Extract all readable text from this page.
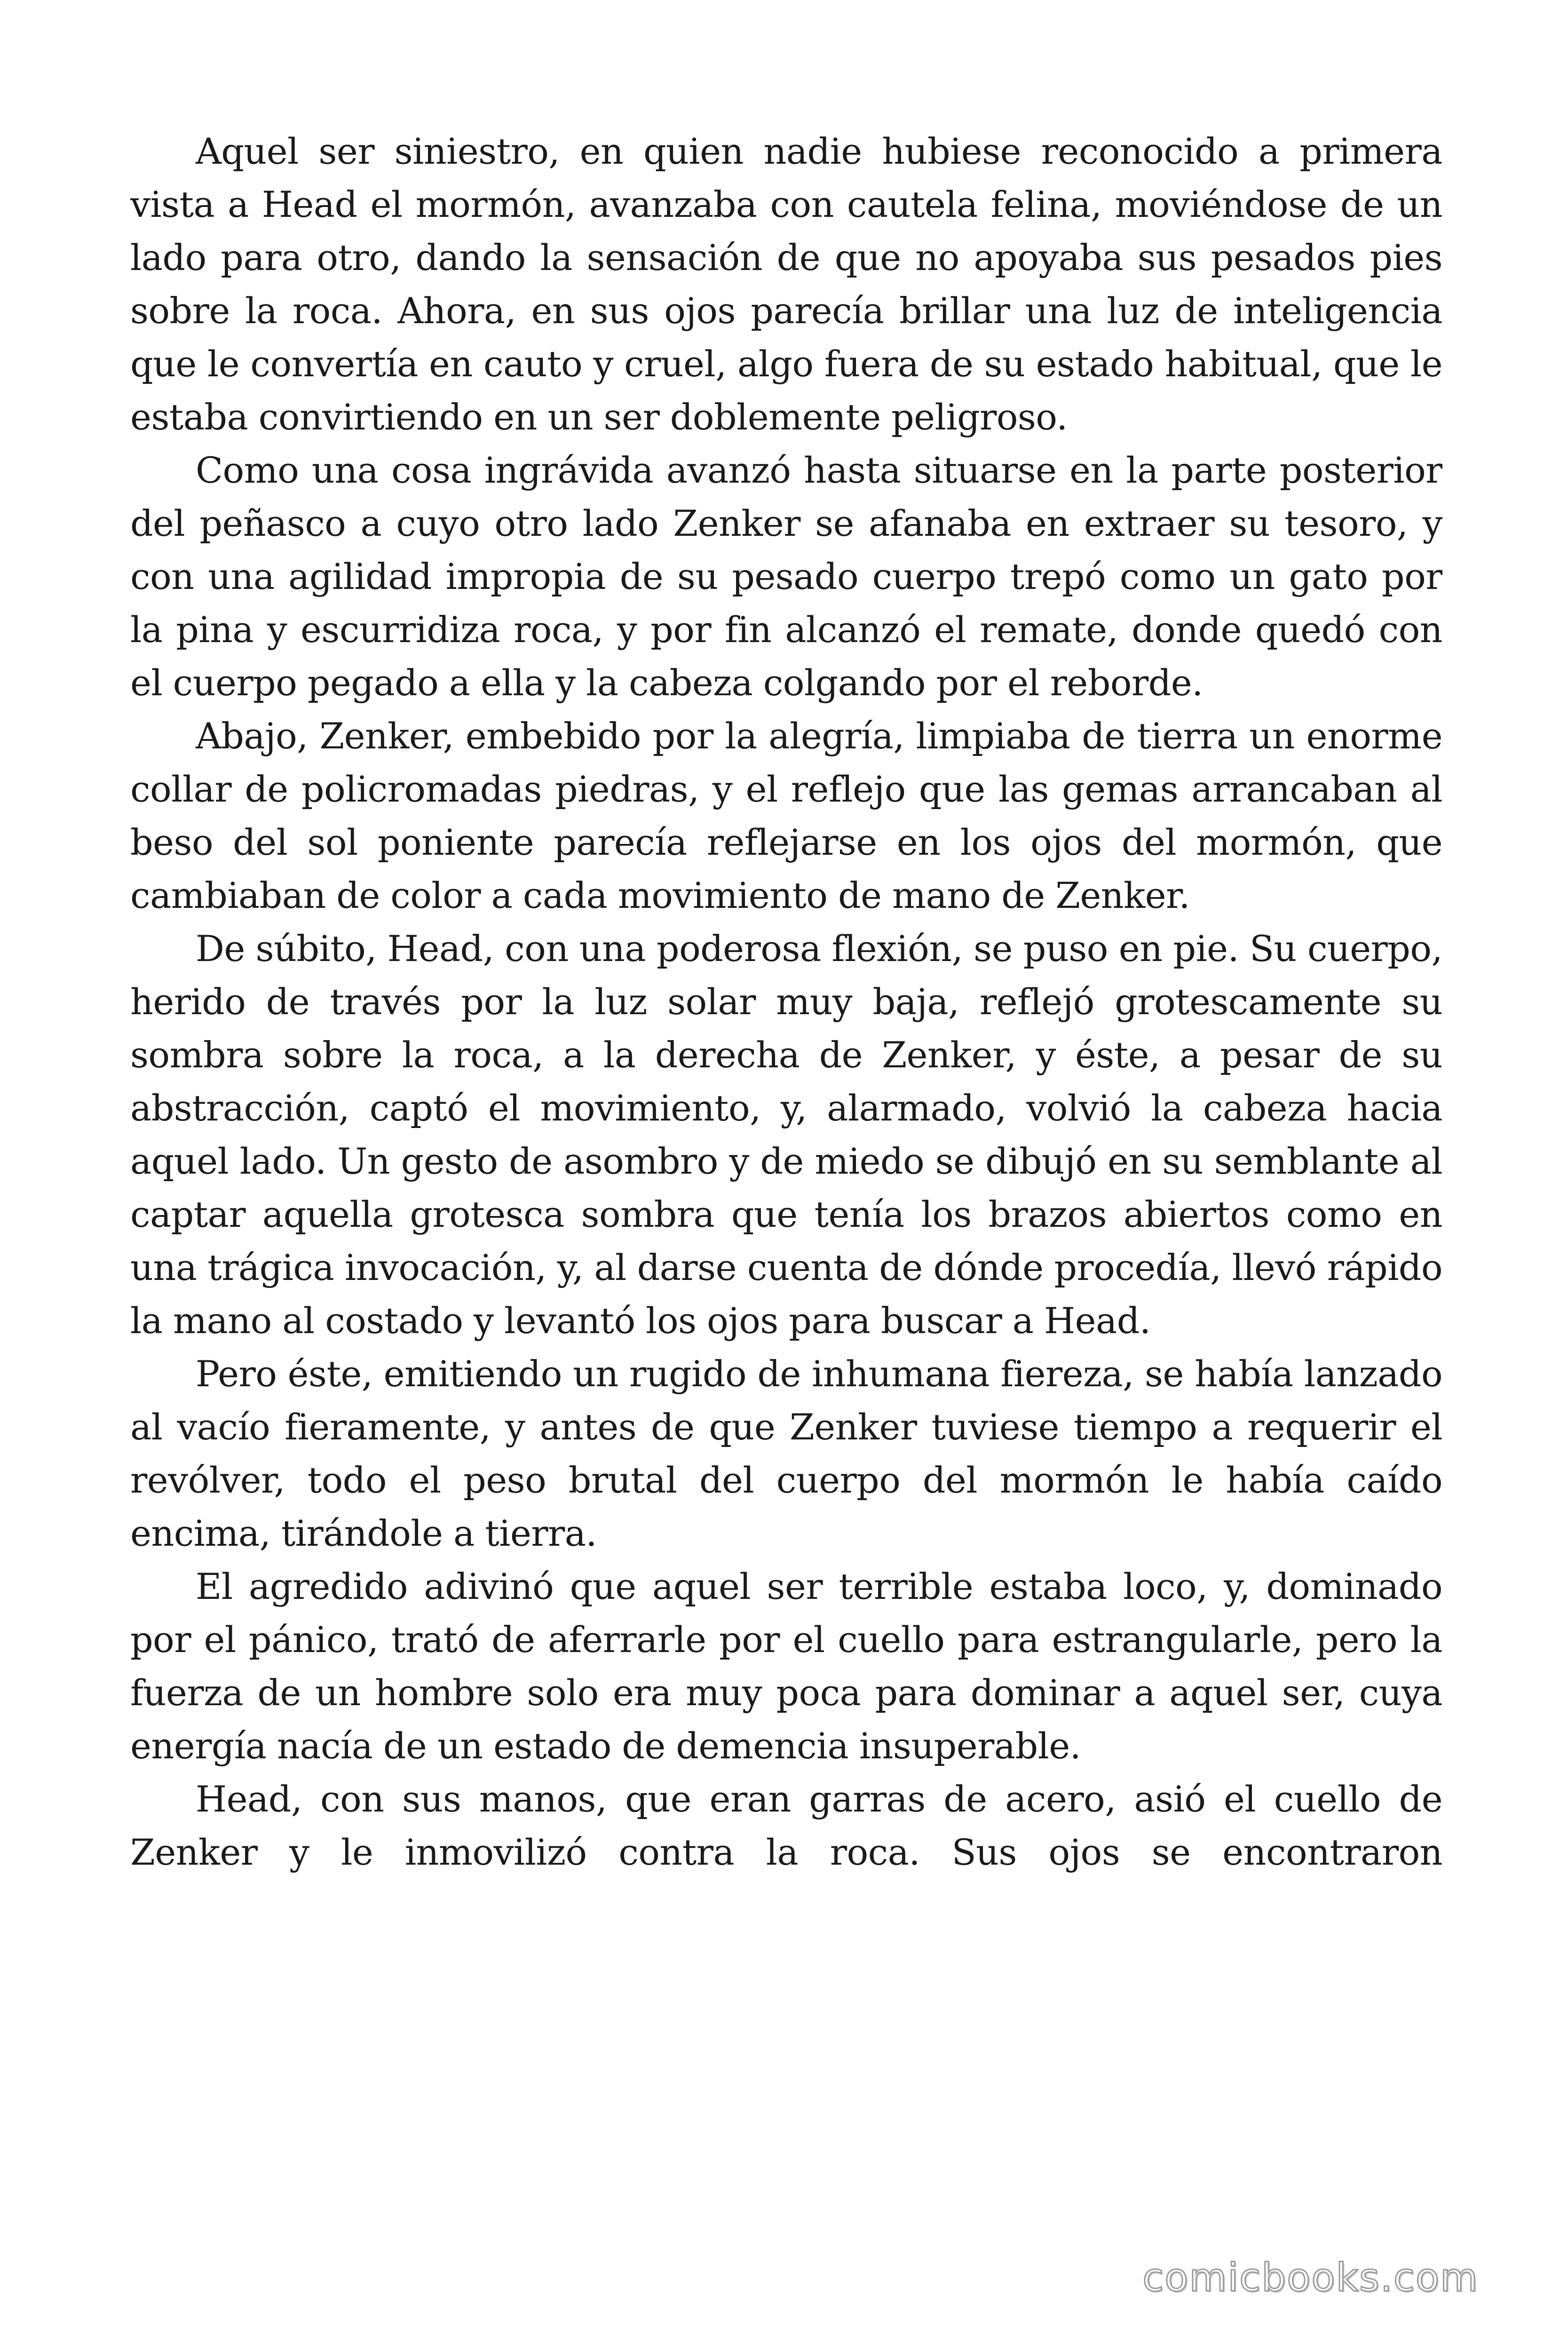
Aquel ser siniestro, en quien nadie hubiese reconocido a primera vista a Head el mormón, avanzaba con cautela felina, moviéndose de un lado para otro, dando la sensación de que no apoyaba sus pesados pies sobre la roca. Ahora, en sus ojos parecía brillar una luz de inteligencia que le convertía en cauto y cruel, algo fuera de su estado habitual, que le estaba convirtiendo en un ser doblemente peligroso.

Como una cosa ingrávida avanzó hasta situarse en la parte posterior del peñasco a cuyo otro lado Zenker se afanaba en extraer su tesoro, y con una agilidad impropia de su pesado cuerpo trepó como un gato por la pina y escurridiza roca, y por fin alcanzó el remate, donde quedó con el cuerpo pegado a ella y la cabeza colgando por el reborde.

Abajo, Zenker, embebido por la alegría, limpiaba de tierra un enorme collar de policromadas piedras, y el reflejo que las gemas arrancaban al beso del sol poniente parecía reflejarse en los ojos del mormón, que cambiaban de color a cada movimiento de mano de Zenker.

De súbito, Head, con una poderosa flexión, se puso en pie. Su cuerpo, herido de través por la luz solar muy baja, reflejó grotescamente su sombra sobre la roca, a la derecha de Zenker, y éste, a pesar de su abstracción, captó el movimiento, y, alarmado, volvió la cabeza hacia aquel lado. Un gesto de asombro y de miedo se dibujó en su semblante al captar aquella grotesca sombra que tenía los brazos abiertos como en una trágica invocación, y, al darse cuenta de dónde procedía, llevó rápido la mano al costado y levantó los ojos para buscar a Head.

Pero éste, emitiendo un rugido de inhumana fiereza, se había lanzado al vacío fieramente, y antes de que Zenker tuviese tiempo a requerir el revólver, todo el peso brutal del cuerpo del mormón le había caído encima, tirándole a tierra.

El agredido adivinó que aquel ser terrible estaba loco, y, dominado por el pánico, trató de aferrarle por el cuello para estrangularle, pero la fuerza de un hombre solo era muy poca para dominar a aquel ser, cuya energía nacía de un estado de demencia insuperable.

Head, con sus manos, que eran garras de acero, asió el cuello de Zenker y le inmovilizó contra la roca. Sus ojos se encontraron

comicbooks.com
